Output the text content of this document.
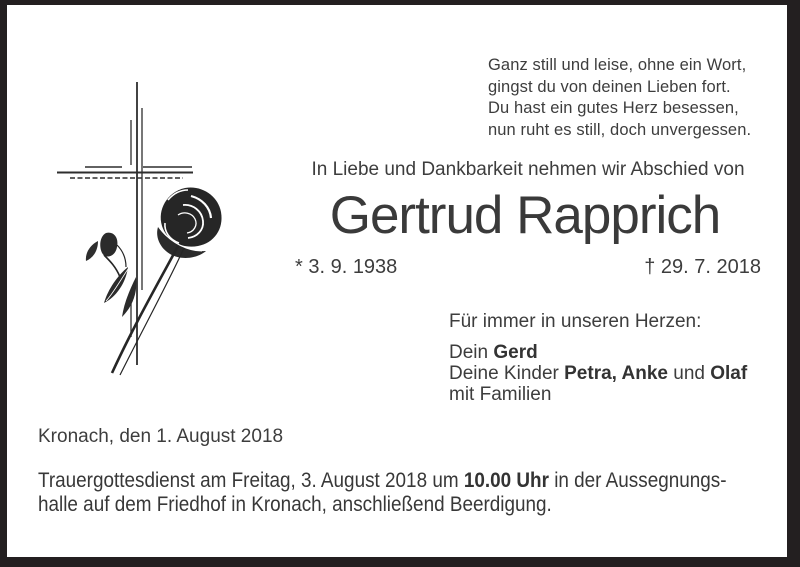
Ganz still und leise, ohne ein Wort,
gingst du von deinen Lieben fort.
Du hast ein gutes Herz besessen,
nun ruht es still, doch unvergessen.
In Liebe und Dankbarkeit nehmen wir Abschied von
Gertrud Rapprich
* 3. 9. 1938	† 29. 7. 2018
Für immer in unseren Herzen:
Dein Gerd
Deine Kinder Petra, Anke und Olaf
mit Familien
Kronach, den 1. August 2018
Trauergottesdienst am Freitag, 3. August 2018 um 10.00 Uhr in der Aussegnungs-
halle auf dem Friedhof in Kronach, anschließend Beerdigung.
